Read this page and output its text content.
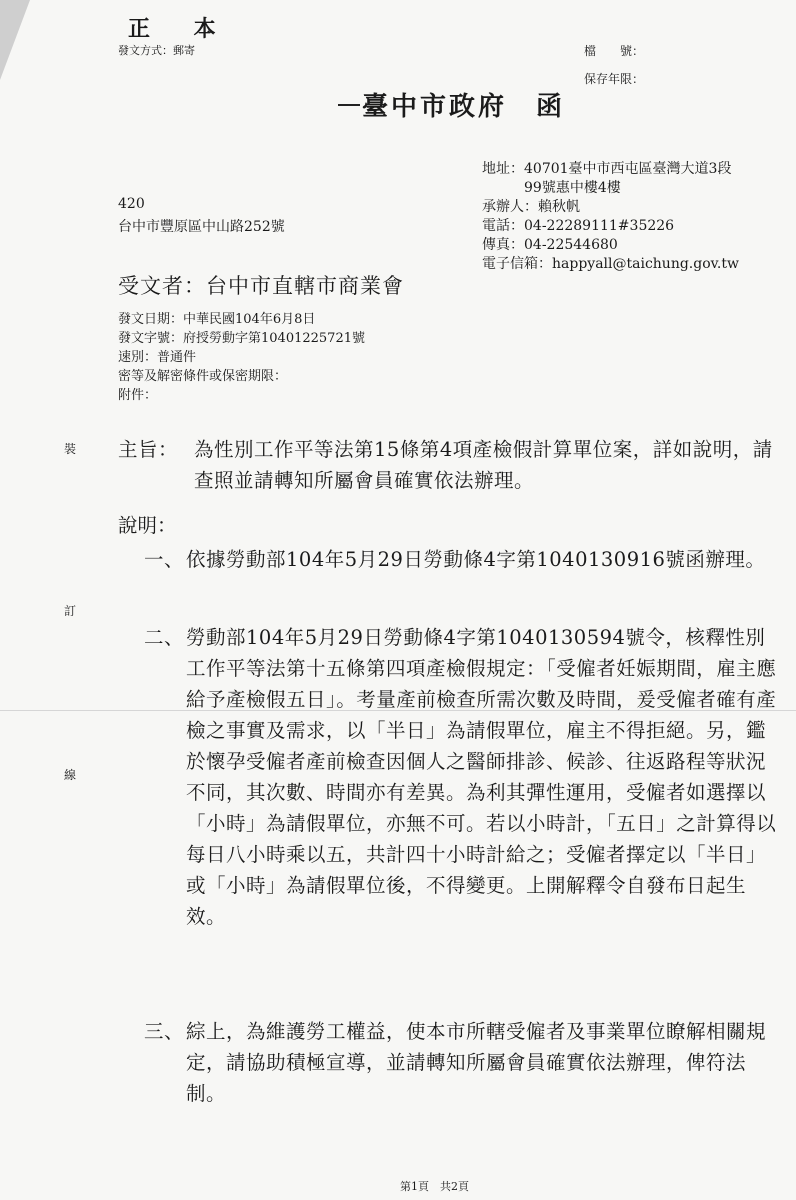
正 本
發文方式：郵寄	檔　　號：
保存年限：
臺中市政府　函
地址：40701臺中市西屯區臺灣大道3段
　　　99號惠中樓4樓
承辦人：賴秋帆
電話：04-22289111#35226
傳真：04-22544680
電子信箱：happyall@taichung.gov.tw
420
台中市豐原區中山路252號
受文者：台中市直轄市商業會
發文日期：中華民國104年6月8日
發文字號：府授勞動字第10401225721號
速別：普通件
密等及解密條件或保密期限：
附件：
裝
訂
線
主旨： 為性別工作平等法第15條第4項產檢假計算單位案，詳如說明，請　查照並請轉知所屬會員確實依法辦理。
說明：
一、 依據勞動部104年5月29日勞動條4字第1040130916號函辦理。
二、 勞動部104年5月29日勞動條4字第1040130594號令，核釋性別工作平等法第十五條第四項產檢假規定：「受僱者妊娠期間，雇主應給予產檢假五日」。考量產前檢查所需次數及時間，爰受僱者確有產檢之事實及需求，以「半日」為請假單位，雇主不得拒絕。另，鑑於懷孕受僱者產前檢查因個人之醫師排診、候診、往返路程等狀況不同，其次數、時間亦有差異。為利其彈性運用，受僱者如選擇以「小時」為請假單位，亦無不可。若以小時計，「五日」之計算得以每日八小時乘以五，共計四十小時計給之；受僱者擇定以「半日」或「小時」為請假單位後，不得變更。上開解釋令自發布日起生效。
三、 綜上，為維護勞工權益，使本市所轄受僱者及事業單位瞭解相關規定，請協助積極宣導，並請轉知所屬會員確實依法辦理，俾符法制。
第1頁　共2頁
